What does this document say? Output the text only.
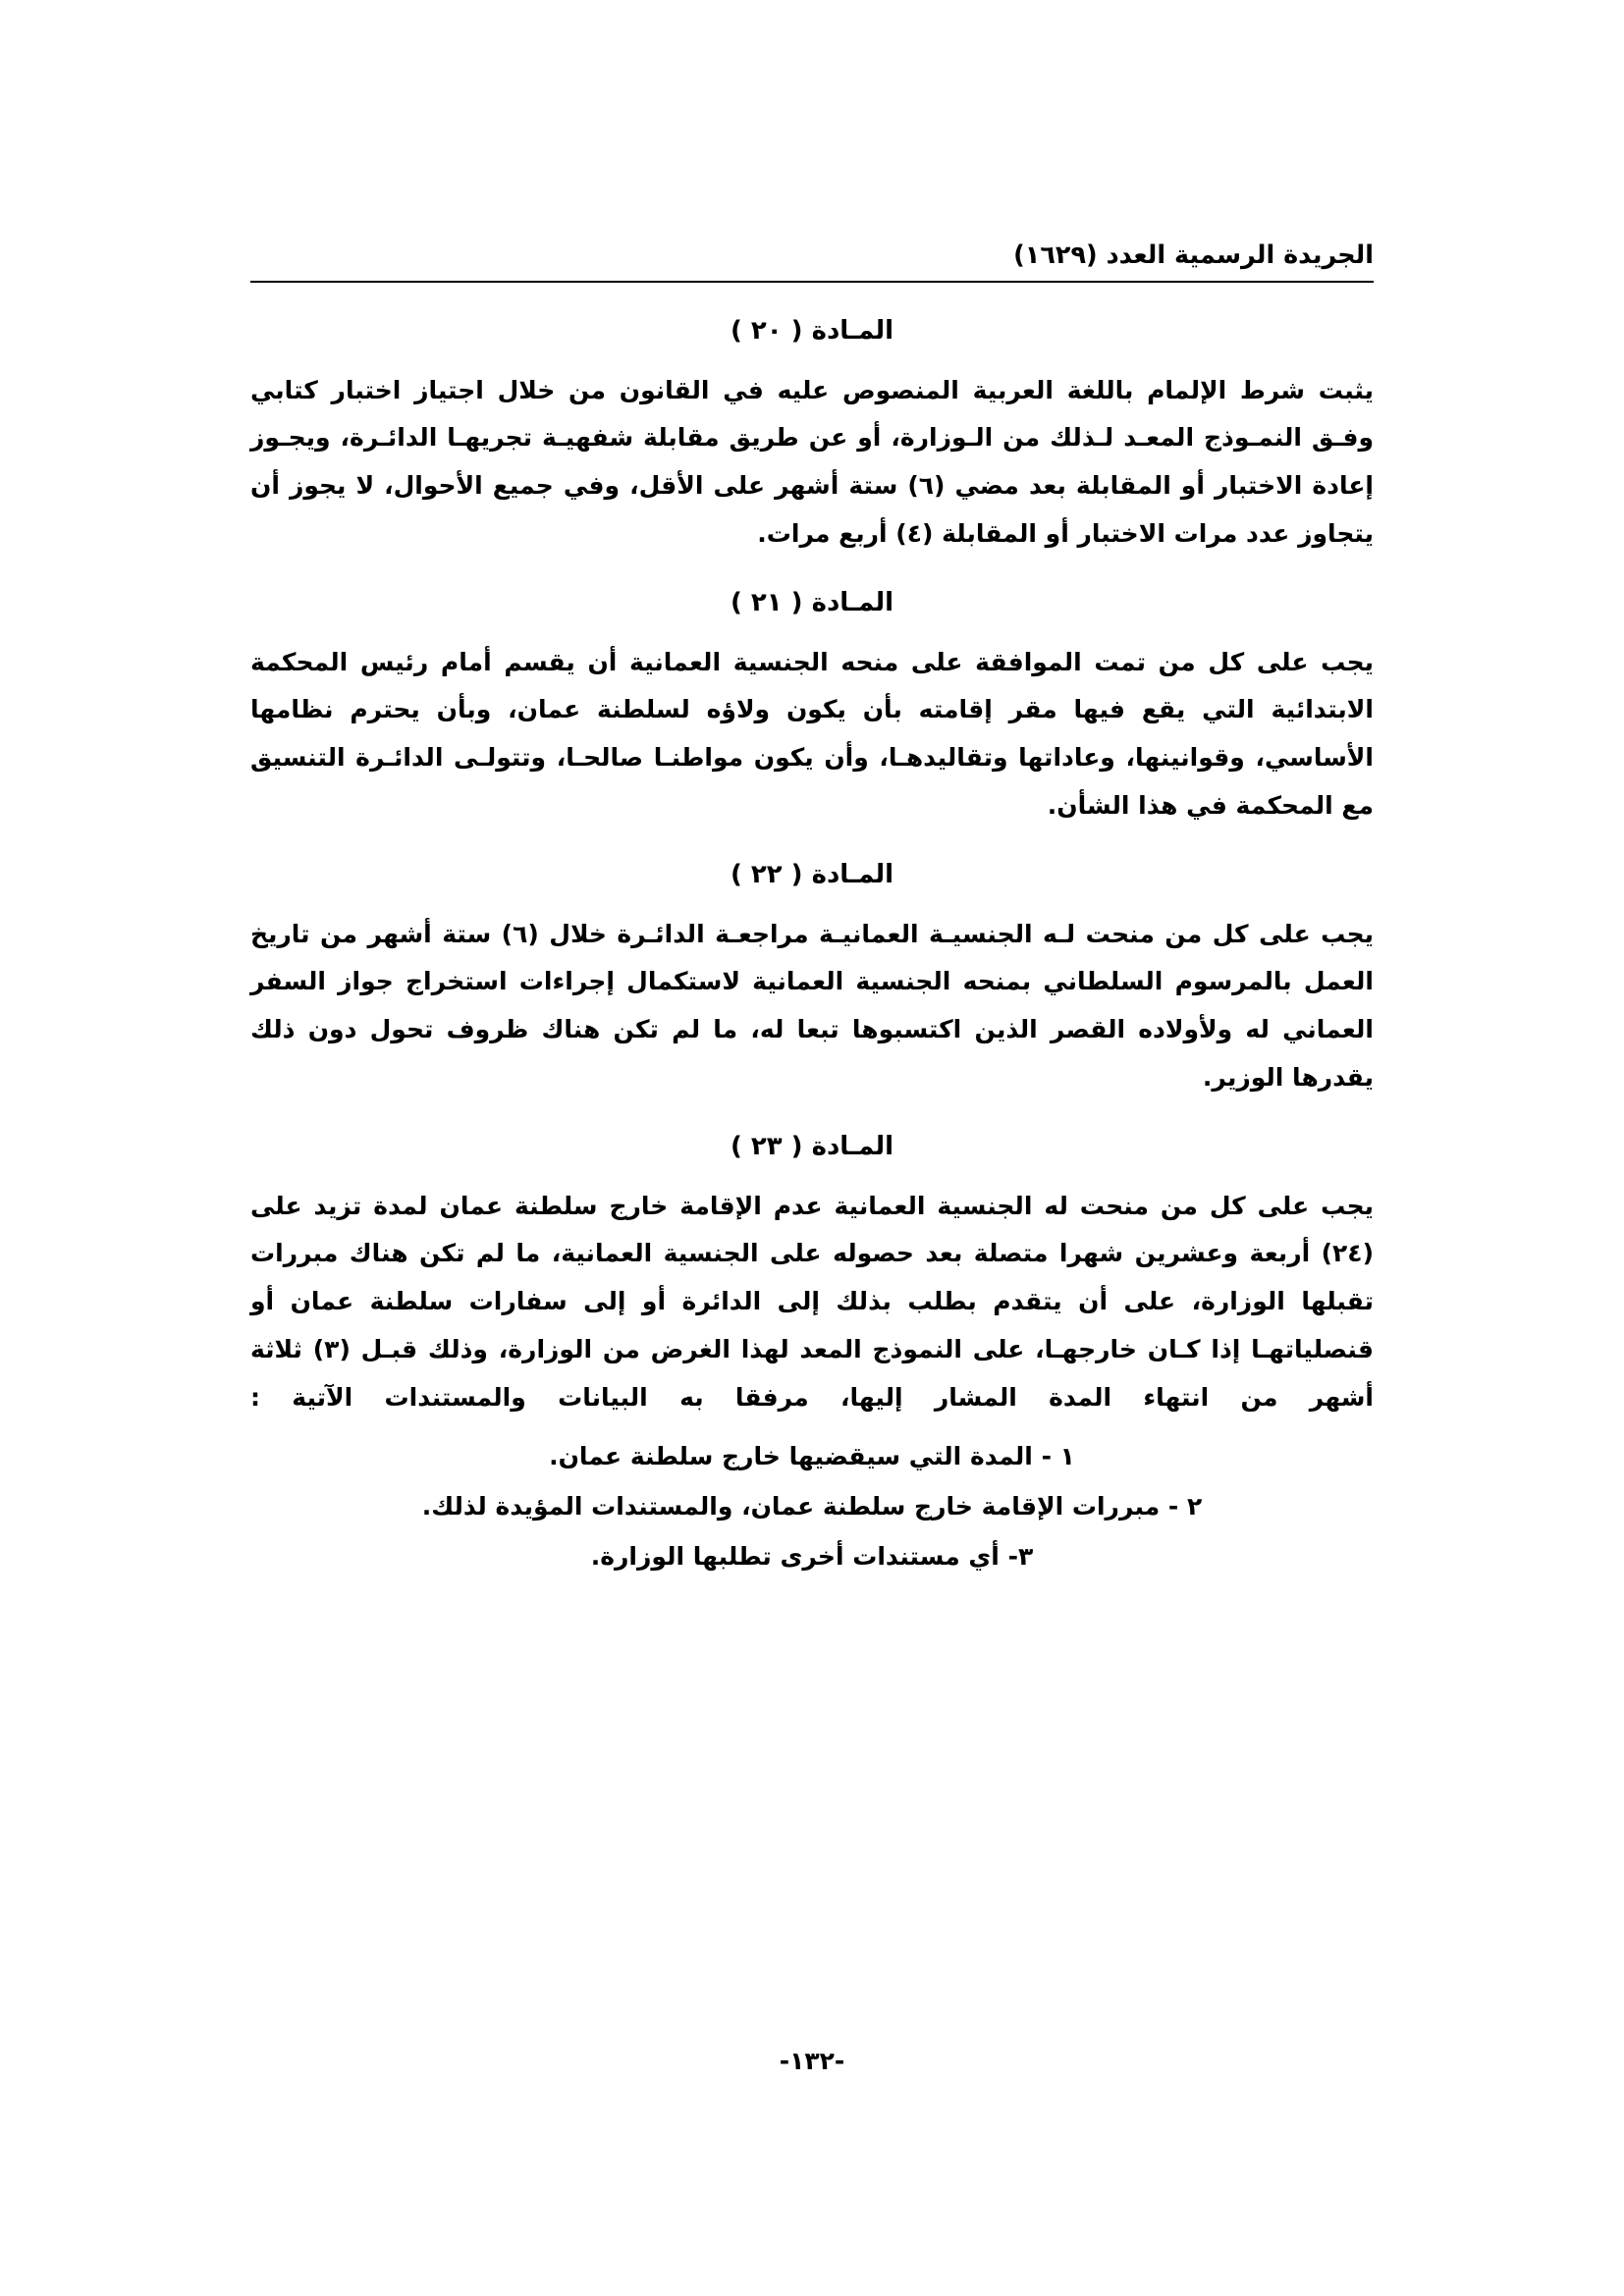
الجريدة الرسمية العدد (١٦٢٩)
المـادة ( ٢٠ )

يثبت شرط الإلمام باللغة العربية المنصوص عليه في القانون من خلال اجتياز اختبار كتابي وفـق النمـوذج المعـد لـذلك من الـوزارة، أو عن طريق مقابلة شفهيـة تجريهـا الدائـرة، ويجـوز إعادة الاختبار أو المقابلة بعد مضي (٦) ستة أشهر على الأقل، وفي جميع الأحوال، لا يجوز أن يتجاوز عدد مرات الاختبار أو المقابلة (٤) أربع مرات.

المـادة ( ٢١ )

يجب على كل من تمت الموافقة على منحه الجنسية العمانية أن يقسم أمام رئيس المحكمة الابتدائية التي يقع فيها مقر إقامته بأن يكون ولاؤه لسلطنة عمان، وبأن يحترم نظامها الأساسي، وقوانينها، وعاداتها وتقاليدهـا، وأن يكون مواطنـا صالحـا، وتتولـى الدائـرة التنسيق مع المحكمة في هذا الشأن.

المـادة ( ٢٢ )

يجب على كل من منحت لـه الجنسيـة العمانيـة مراجعـة الدائـرة خلال (٦) ستة أشهر من تاريخ العمل بالمرسوم السلطاني بمنحه الجنسية العمانية لاستكمال إجراءات استخراج جواز السفر العماني له ولأولاده القصر الذين اكتسبوها تبعا له، ما لم تكن هناك ظروف تحول دون ذلك يقدرها الوزير.

المـادة ( ٢٣ )

يجب على كل من منحت له الجنسية العمانية عدم الإقامة خارج سلطنة عمان لمدة تزيد على (٢٤) أربعة وعشرين شهرا متصلة بعد حصوله على الجنسية العمانية، ما لم تكن هناك مبررات تقبلها الوزارة، على أن يتقدم بطلب بذلك إلى الدائرة أو إلى سفارات سلطنة عمان أو قنصلياتهـا إذا كـان خارجهـا، على النموذج المعد لهذا الغرض من الوزارة، وذلك قبـل (٣) ثلاثة أشهر من انتهاء المدة المشار إليها، مرفقا به البيانات والمستندات الآتية :

١ - المدة التي سيقضيها خارج سلطنة عمان.
٢ - مبررات الإقامة خارج سلطنة عمان، والمستندات المؤيدة لذلك.
٣- أي مستندات أخرى تطلبها الوزارة.
-١٣٢-
